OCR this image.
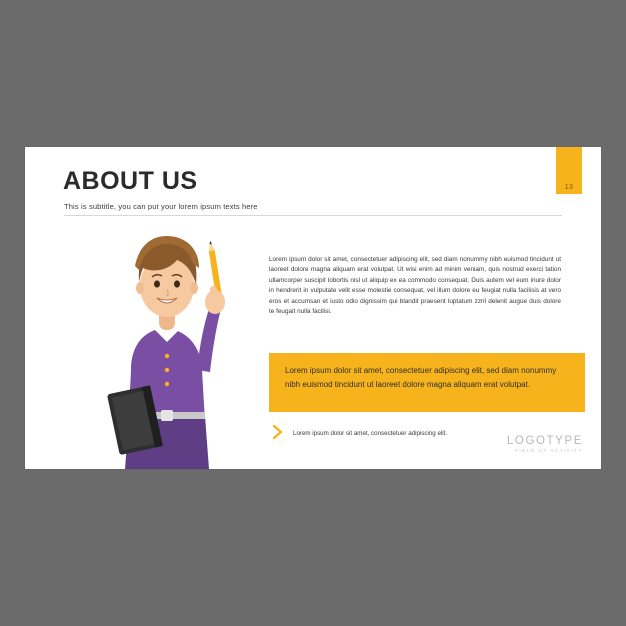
13
ABOUT US
This is subtitle, you can put your lorem ipsum texts here
Lorem ipsum dolor sit amet, consectetuer adipiscing elit, sed diam nonummy nibh euismod tincidunt ut laoreet dolore magna aliquam erat volutpat. Ut wisi enim ad minim veniam, quis nostrud exerci tation ullamcorper suscipit lobortis nisl ut aliquip ex ea commodo consequat. Duis autem vel eum iriure dolor in hendrerit in vulputate velit esse molestie consequat, vel illum dolore eu feugiat nulla facilisis at vero eros et accumsan et iusto odio dignissim qui blandit praesent luptatum zzril delenit augue duis dolore te feugait nulla facilisi.
Lorem ipsum dolor sit amet, consectetuer adipiscing elit, sed diam nonummy nibh euismod tincidunt ut laoreet dolore magna aliquam erat volutpat.
Lorem ipsum dolor sit amet, consectetuer adipiscing elit.
LOGOTYPE
FIELD OF ACTIVITY
